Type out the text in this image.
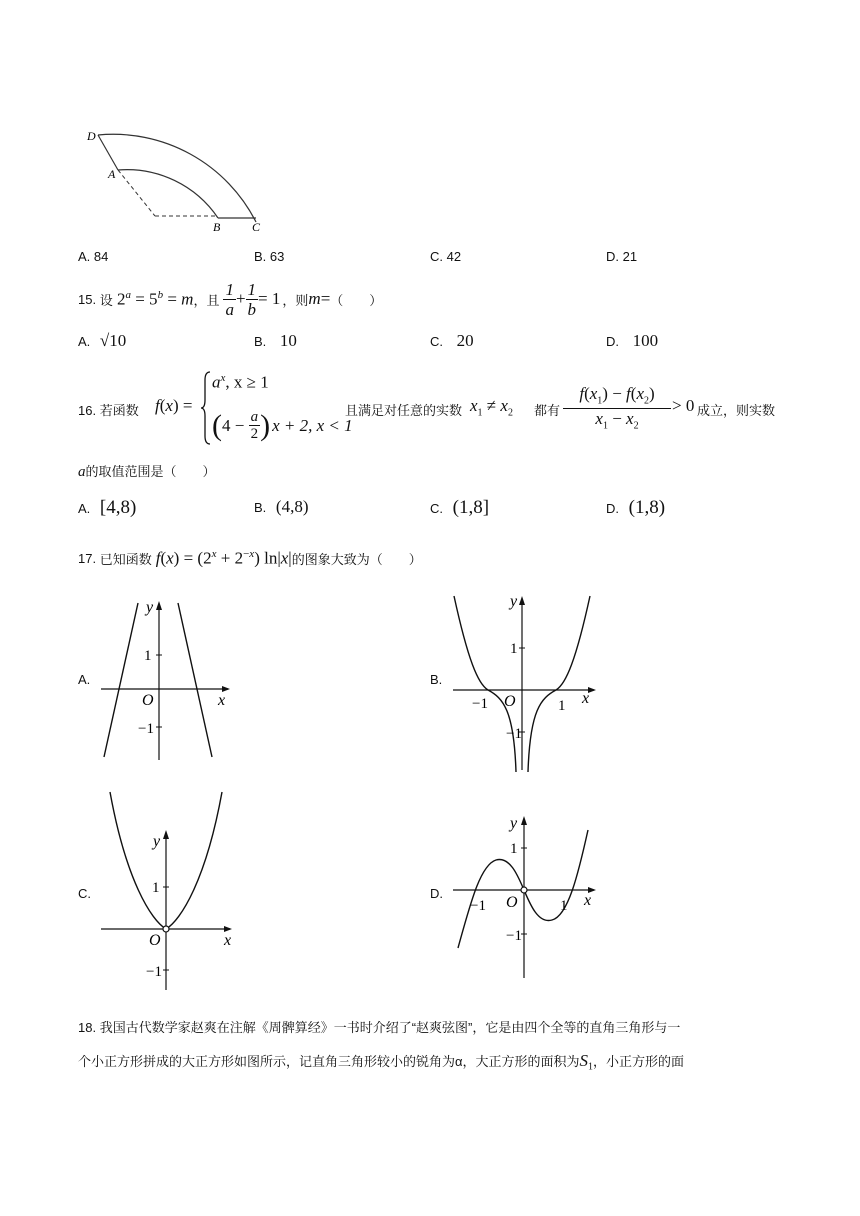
D
A
B	C
A. 84	B. 63	C. 42	D. 21
15.
设 $2^a = 5^b = m$ ，且 $\frac{1}{a} + \frac{1}{b} = 1$ ，则 m = （　　）
A. √10	B. 10	C. 20	D. 100
16. 若函数 f(x) =
$a^x$, x ≥ 1
( $4 - \frac{a}{2}$ ) x + 2, x < 1
且满足对任意的实数 $x_1 \ne x_2$ 都有
$f(x_1) - f(x_2)$
$x_1 - x_2$
> 0 成立，则实数
a的取值范围是（　　）
A. [4,8)	B. (4,8)	C. (1,8]	D. (1,8)
17.
已知函数 $f(x) = (2^x + 2^{-x})$ ln|x| 的图象大致为（　　）
A.
y
1
O	x
−1
B.
y
1
−1 O	1 x
−1
C.
y
1
O	x
−1
D.
y
1
−1 O	1 x
−1
18. 我国古代数学家赵爽在注解《周髀算经》一书时介绍了“赵爽弦图”，它是由四个全等的直角三角形与一
个小正方形拼成的大正方形如图所示，记直角三角形较小的锐角为α，大正方形的面积为$S_1$，小正方形的面
